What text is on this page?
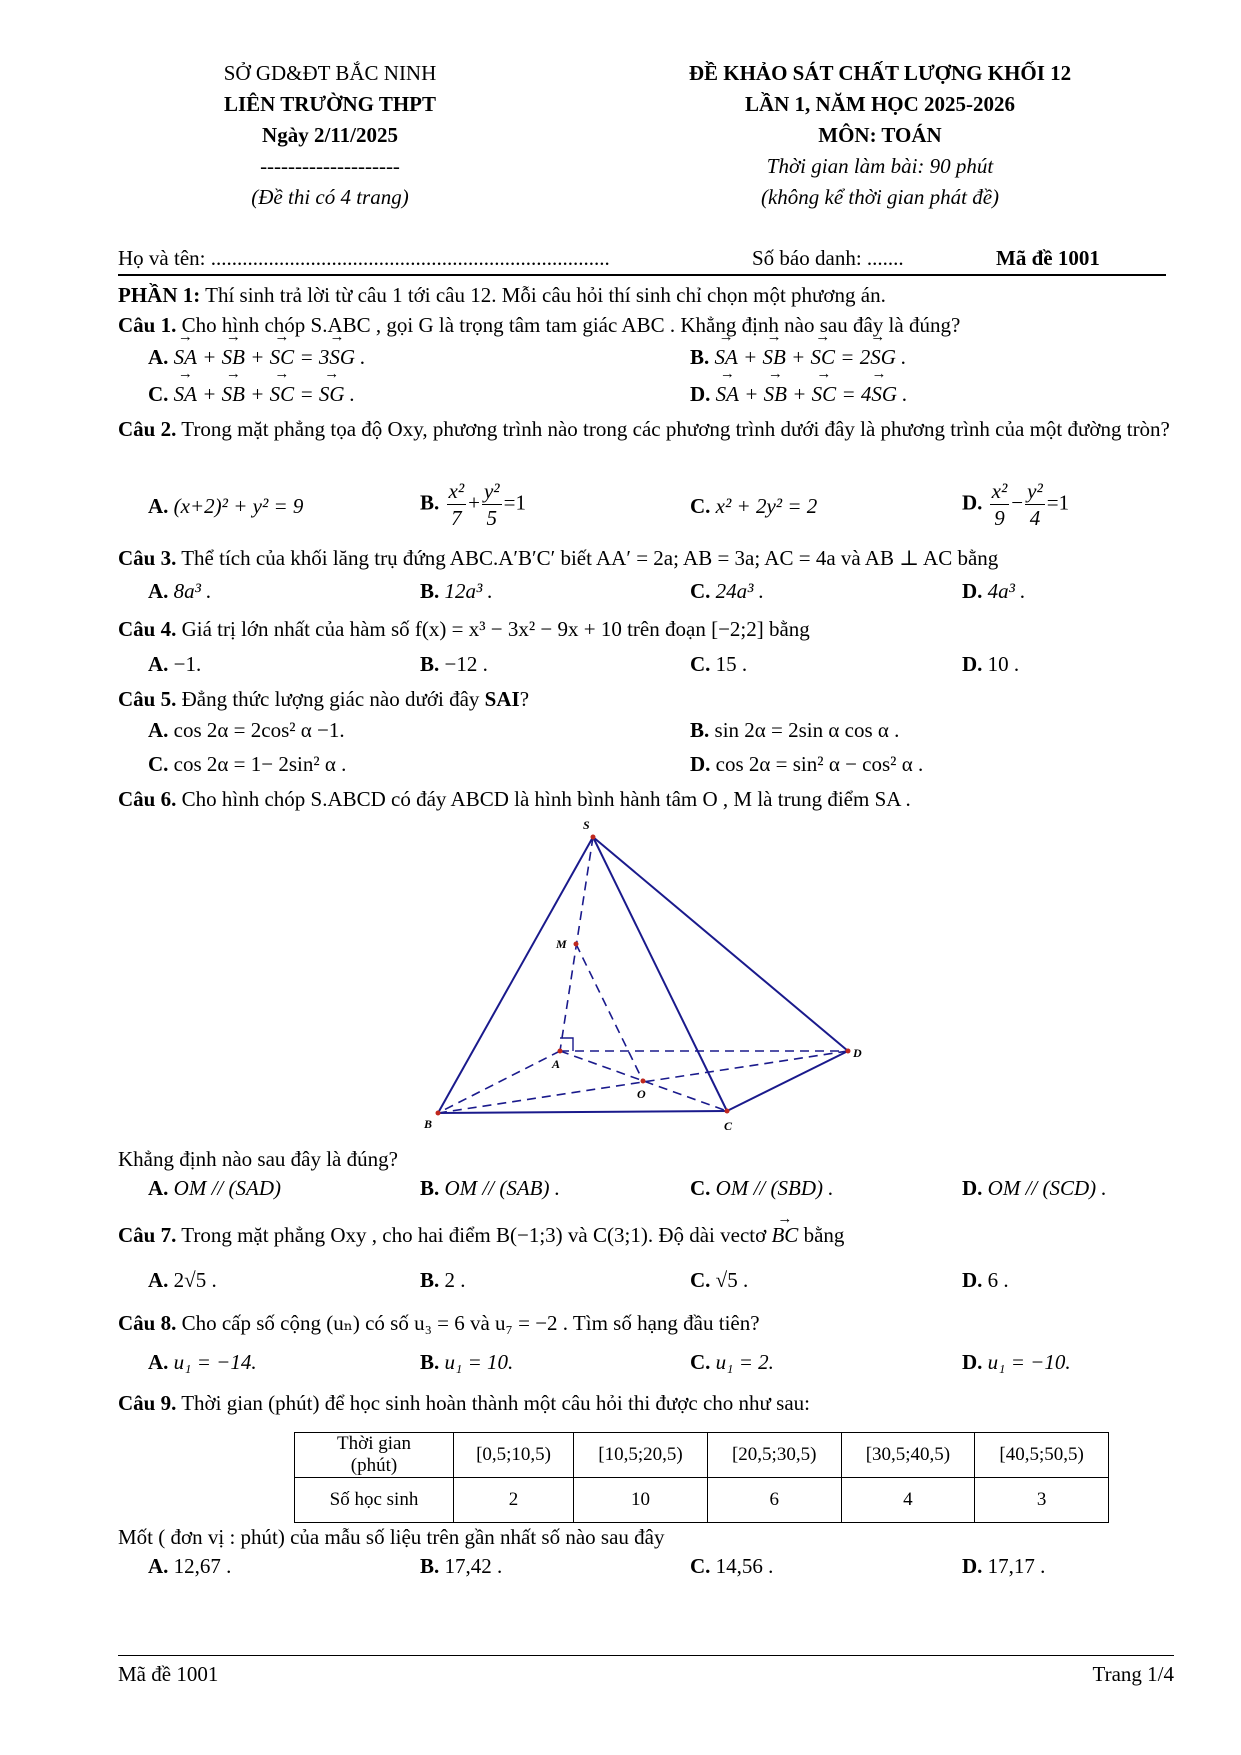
SỞ GD&ĐT BẮC NINH
LIÊN TRƯỜNG THPT
Ngày 2/11/2025
--------------------
(Đề thi có 4 trang)
ĐỀ KHẢO SÁT CHẤT LƯỢNG KHỐI 12
LẦN 1, NĂM HỌC 2025-2026
MÔN: TOÁN
Thời gian làm bài: 90 phút
(không kể thời gian phát đề)
Họ và tên: ............................................................................	Số báo danh: .......	Mã đề 1001
PHẦN 1: Thí sinh trả lời từ câu 1 tới câu 12. Mỗi câu hỏi thí sinh chỉ chọn một phương án.
Câu 1. Cho hình chóp S.ABC , gọi G là trọng tâm tam giác ABC . Khẳng định nào sau đây là đúng?
A. SA → + SB → + SC → = 3SG → .	B. SA → + SB → + SC → = 2SG → .
C. SA → + SB → + SC → = SG → .	D. SA → + SB → + SC → = 4SG → .
Câu 2. Trong mặt phẳng tọa độ Oxy, phương trình nào trong các phương trình dưới đây là phương trình của một đường tròn?
A. (x+2)² + y² = 9	B. $\frac{\text{x²}}{7} + \frac{\text{y²}}{5} =1$	C. x² + 2y² = 2	D. $\frac{\text{x²}}{9} - \frac{\text{y²}}{4} =1$
Câu 3. Thể tích của khối lăng trụ đứng ABC.A′B′C′ biết AA′ = 2a; AB = 3a; AC = 4a và AB ⊥ AC bằng
A. 8a³ .	B. 12a³ .	C. 24a³ .	D. 4a³ .
Câu 4. Giá trị lớn nhất của hàm số f(x) = x³ − 3x² − 9x + 10 trên đoạn [−2;2] bằng
A. −1.	B. −12 .	C. 15 .	D. 10 .
Câu 5. Đẳng thức lượng giác nào dưới đây SAI?
A. cos 2α = 2cos² α −1.	B. sin 2α = 2sin α cos α .
C. cos 2α = 1− 2sin² α .	D. cos 2α = sin² α − cos² α .
Câu 6. Cho hình chóp S.ABCD có đáy ABCD là hình bình hành tâm O , M là trung điểm SA .
S
M
A
D
O
B	C
Khẳng định nào sau đây là đúng?
A. OM // (SAD)	B. OM // (SAB) .	C. OM // (SBD) .	D. OM // (SCD) .
Câu 7. Trong mặt phẳng Oxy , cho hai điểm B(−1;3) và C(3;1). Độ dài vectơ BC → bằng
A. 2√5 .	B. 2 .	C. √5 .	D. 6 .
Câu 8. Cho cấp số cộng (uₙ) có số u₃ = 6 và u₇ = −2 . Tìm số hạng đầu tiên?
A. u₁ = −14.	B. u₁ = 10.	C. u₁ = 2.	D. u₁ = −10.
Câu 9. Thời gian (phút) để học sinh hoàn thành một câu hỏi thi được cho như sau:
Thời gian
(phút)	[0,5;10,5)	[10,5;20,5)	[20,5;30,5)	[30,5;40,5)	[40,5;50,5)
Số học sinh	2	10	6	4	3
Mốt ( đơn vị : phút) của mẫu số liệu trên gần nhất số nào sau đây
A. 12,67 .	B. 17,42 .	C. 14,56 .	D. 17,17 .
Mã đề 1001	Trang 1/4
